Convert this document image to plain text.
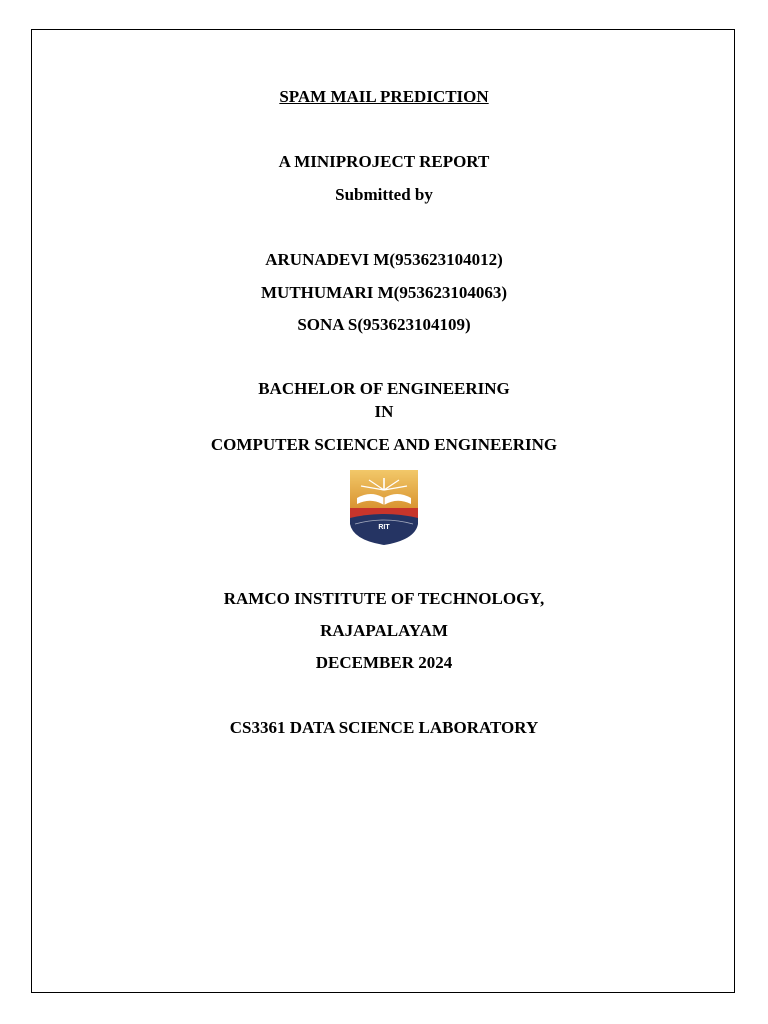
SPAM MAIL PREDICTION
A MINIPROJECT REPORT
Submitted by
ARUNADEVI M(953623104012)
MUTHUMARI M(953623104063)
SONA S(953623104109)
BACHELOR OF ENGINEERING
IN
COMPUTER SCIENCE AND ENGINEERING
RIT
RAMCO INSTITUTE OF TECHNOLOGY,
RAJAPALAYAM
DECEMBER 2024
CS3361 DATA SCIENCE LABORATORY
